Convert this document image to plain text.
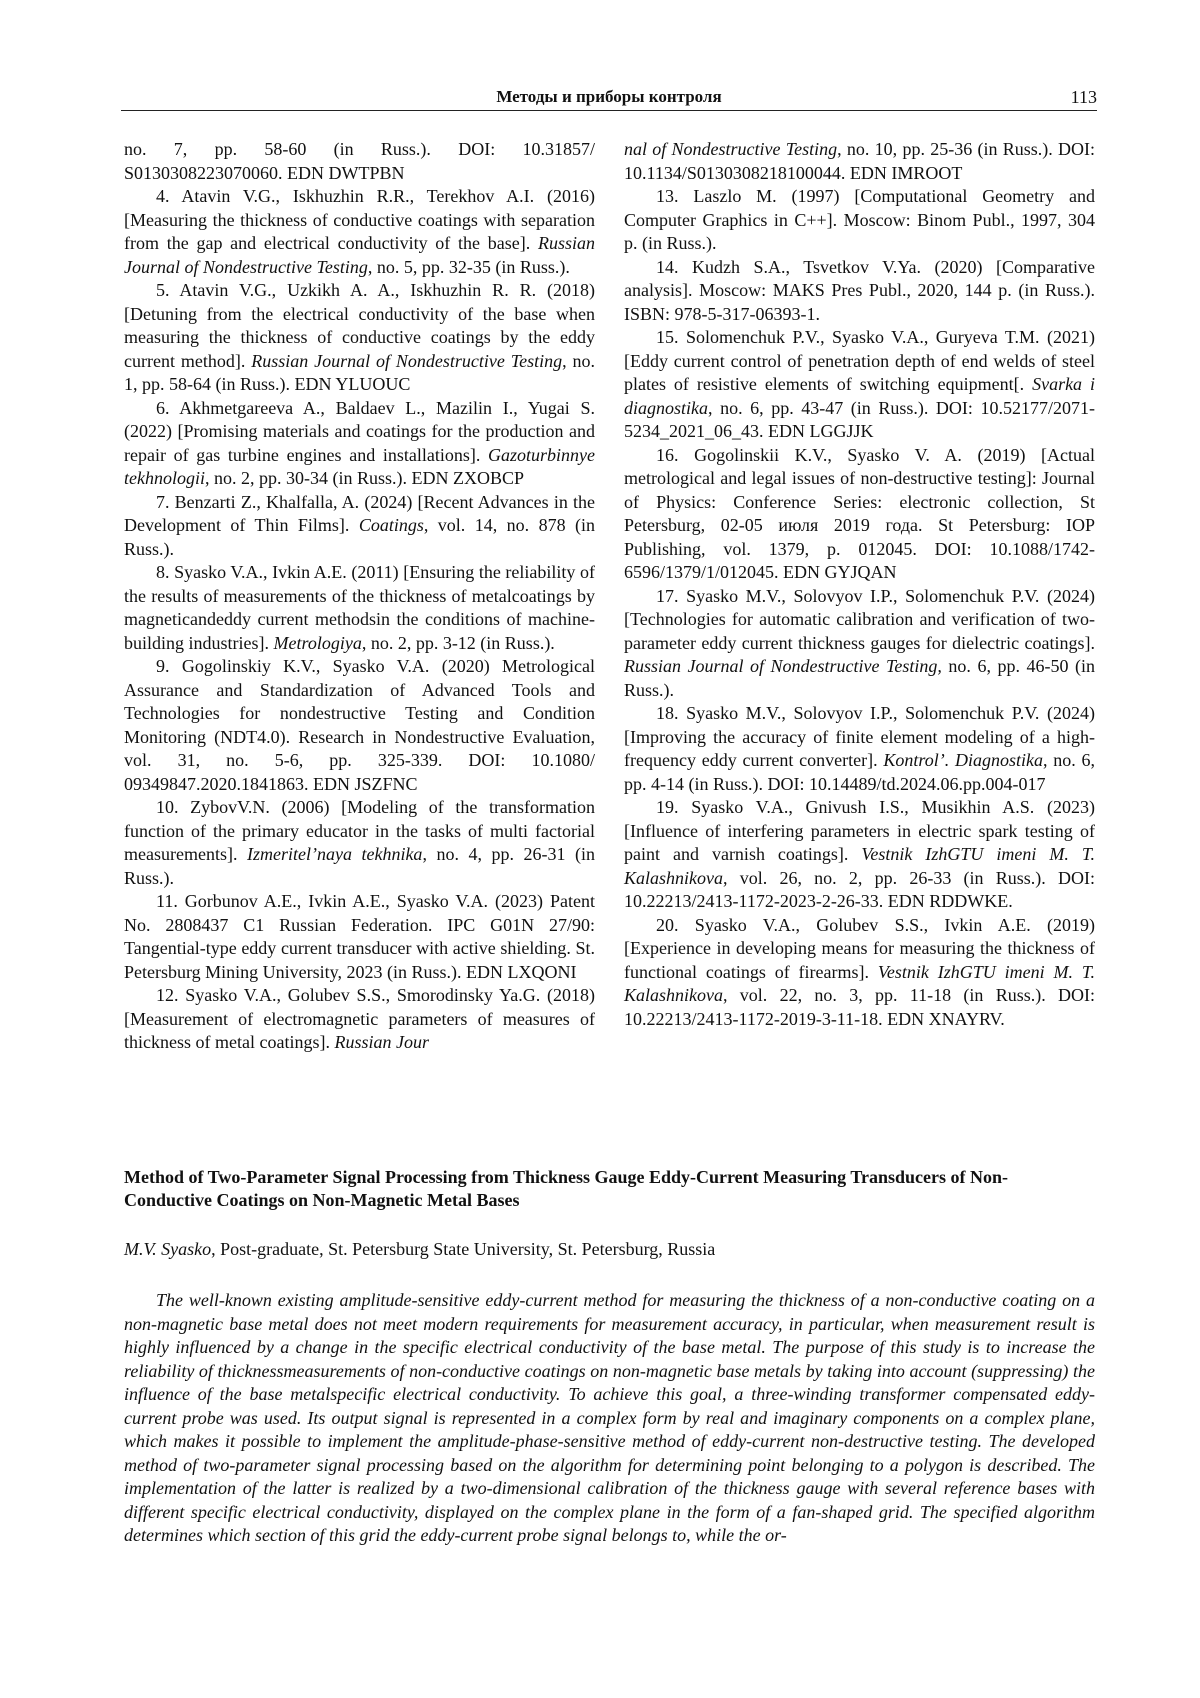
Методы и приборы контроля	113

no. 7, pp. 58-60 (in Russ.). DOI: 10.31857/ S0130308223070060. EDN DWTPBN

4. Atavin V.G., Iskhuzhin R.R., Terekhov A.I. (2016) [Measuring the thickness of conductive coatings with separation from the gap and electrical conductivity of the base]. Russian Journal of Nondestructive Testing, no. 5, pp. 32-35 (in Russ.).

5. Atavin V.G., Uzkikh A. A., Iskhuzhin R. R. (2018) [Detuning from the electrical conductivity of the base when measuring the thickness of conductive coatings by the eddy current method]. Russian Journal of Nondestructive Testing, no. 1, pp. 58-64 (in Russ.). EDN YLUOUC

6. Akhmetgareeva A., Baldaev L., Mazilin I., Yugai S. (2022) [Promising materials and coatings for the production and repair of gas turbine engines and installations]. Gazoturbinnye tekhnologii, no. 2, pp. 30-34 (in Russ.). EDN ZXOBCP

7. Benzarti Z., Khalfalla, A. (2024) [Recent Advances in the Development of Thin Films]. Coatings, vol. 14, no. 878 (in Russ.).

8. Syasko V.A., Ivkin A.E. (2011) [Ensuring the reliability of the results of measurements of the thickness of metalcoatings by magneticandeddy current methodsin the conditions of machine-building industries]. Metrologiya, no. 2, pp. 3-12 (in Russ.).

9. Gogolinskiy K.V., Syasko V.A. (2020) Metrological Assurance and Standardization of Advanced Tools and Technologies for nondestructive Testing and Condition Monitoring (NDT4.0). Research in Nondestructive Evaluation, vol. 31, no. 5-6, pp. 325-339. DOI: 10.1080/ 09349847.2020.1841863. EDN JSZFNC

10. ZybovV.N. (2006) [Modeling of the transformation function of the primary educator in the tasks of multi factorial measurements]. Izmeritel’naya tekhnika, no. 4, pp. 26-31 (in Russ.).

11. Gorbunov A.E., Ivkin A.E., Syasko V.A. (2023) Patent No. 2808437 C1 Russian Federation. IPC G01N 27/90: Tangential-type eddy current transducer with active shielding. St. Petersburg Mining University, 2023 (in Russ.). EDN LXQONI

12. Syasko V.A., Golubev S.S., Smorodinsky Ya.G. (2018) [Measurement of electromagnetic parameters of measures of thickness of metal coatings]. Russian Jour

nal of Nondestructive Testing, no. 10, pp. 25-36 (in Russ.). DOI: 10.1134/S0130308218100044. EDN IMROOT

13. Laszlo M. (1997) [Computational Geometry and Computer Graphics in C++]. Moscow: Binom Publ., 1997, 304 p. (in Russ.).

14. Kudzh S.A., Tsvetkov V.Ya. (2020) [Comparative analysis]. Moscow: MAKS Pres Publ., 2020, 144 p. (in Russ.). ISBN: 978-5-317-06393-1.

15. Solomenchuk P.V., Syasko V.A., Guryeva T.M. (2021) [Eddy current control of penetration depth of end welds of steel plates of resistive elements of switching equipment[. Svarka i diagnostika, no. 6, pp. 43-47 (in Russ.). DOI: 10.52177/2071-5234_2021_06_43. EDN LGGJJK

16. Gogolinskii K.V., Syasko V. A. (2019) [Actual metrological and legal issues of non-destructive testing]: Journal of Physics: Conference Series: electronic collection, St Petersburg, 02-05 июля 2019 года. St Petersburg: IOP Publishing, vol. 1379, p. 012045. DOI: 10.1088/1742-6596/1379/1/012045. EDN GYJQAN

17. Syasko M.V., Solovyov I.P., Solomenchuk P.V. (2024) [Technologies for automatic calibration and verification of two-parameter eddy current thickness gauges for dielectric coatings]. Russian Journal of Nondestructive Testing, no. 6, pp. 46-50 (in Russ.).

18. Syasko M.V., Solovyov I.P., Solomenchuk P.V. (2024) [Improving the accuracy of finite element modeling of a high-frequency eddy current converter]. Kontrol’. Diagnostika, no. 6, pp. 4-14 (in Russ.). DOI: 10.14489/td.2024.06.pp.004-017

19. Syasko V.A., Gnivush I.S., Musikhin A.S. (2023) [Influence of interfering parameters in electric spark testing of paint and varnish coatings]. Vestnik IzhGTU imeni M. T. Kalashnikova, vol. 26, no. 2, pp. 26-33 (in Russ.). DOI: 10.22213/2413-1172-2023-2-26-33. EDN RDDWKE.

20. Syasko V.A., Golubev S.S., Ivkin A.E. (2019) [Experience in developing means for measuring the thickness of functional coatings of firearms]. Vestnik IzhGTU imeni M. T. Kalashnikova, vol. 22, no. 3, pp. 11-18 (in Russ.). DOI: 10.22213/2413-1172-2019-3-11-18. EDN XNAYRV.

Method of Two-Parameter Signal Processing from Thickness Gauge Eddy-Current Measuring Transducers of Non-Conductive Coatings on Non-Magnetic Metal Bases
M.V. Syasko, Post-graduate, St. Petersburg State University, St. Petersburg, Russia

The well-known existing amplitude-sensitive eddy-current method for measuring the thickness of a non-conductive coating on a non-magnetic base metal does not meet modern requirements for measurement accuracy, in particular, when measurement result is highly influenced by a change in the specific electrical conductivity of the base metal. The purpose of this study is to increase the reliability of thicknessmeasurements of non-conductive coatings on non-magnetic base metals by taking into account (suppressing) the influence of the base metalspecific electrical conductivity. To achieve this goal, a three-winding transformer compensated eddy-current probe was used. Its output signal is represented in a complex form by real and imaginary components on a complex plane, which makes it possible to implement the amplitude-phase-sensitive method of eddy-current non-destructive testing. The developed method of two-parameter signal processing based on the algorithm for determining point belonging to a polygon is described. The implementation of the latter is realized by a two-dimensional calibration of the thickness gauge with several reference bases with different specific electrical conductivity, displayed on the complex plane in the form of a fan-shaped grid. The specified algorithm determines which section of this grid the eddy-current probe signal belongs to, while the or-
